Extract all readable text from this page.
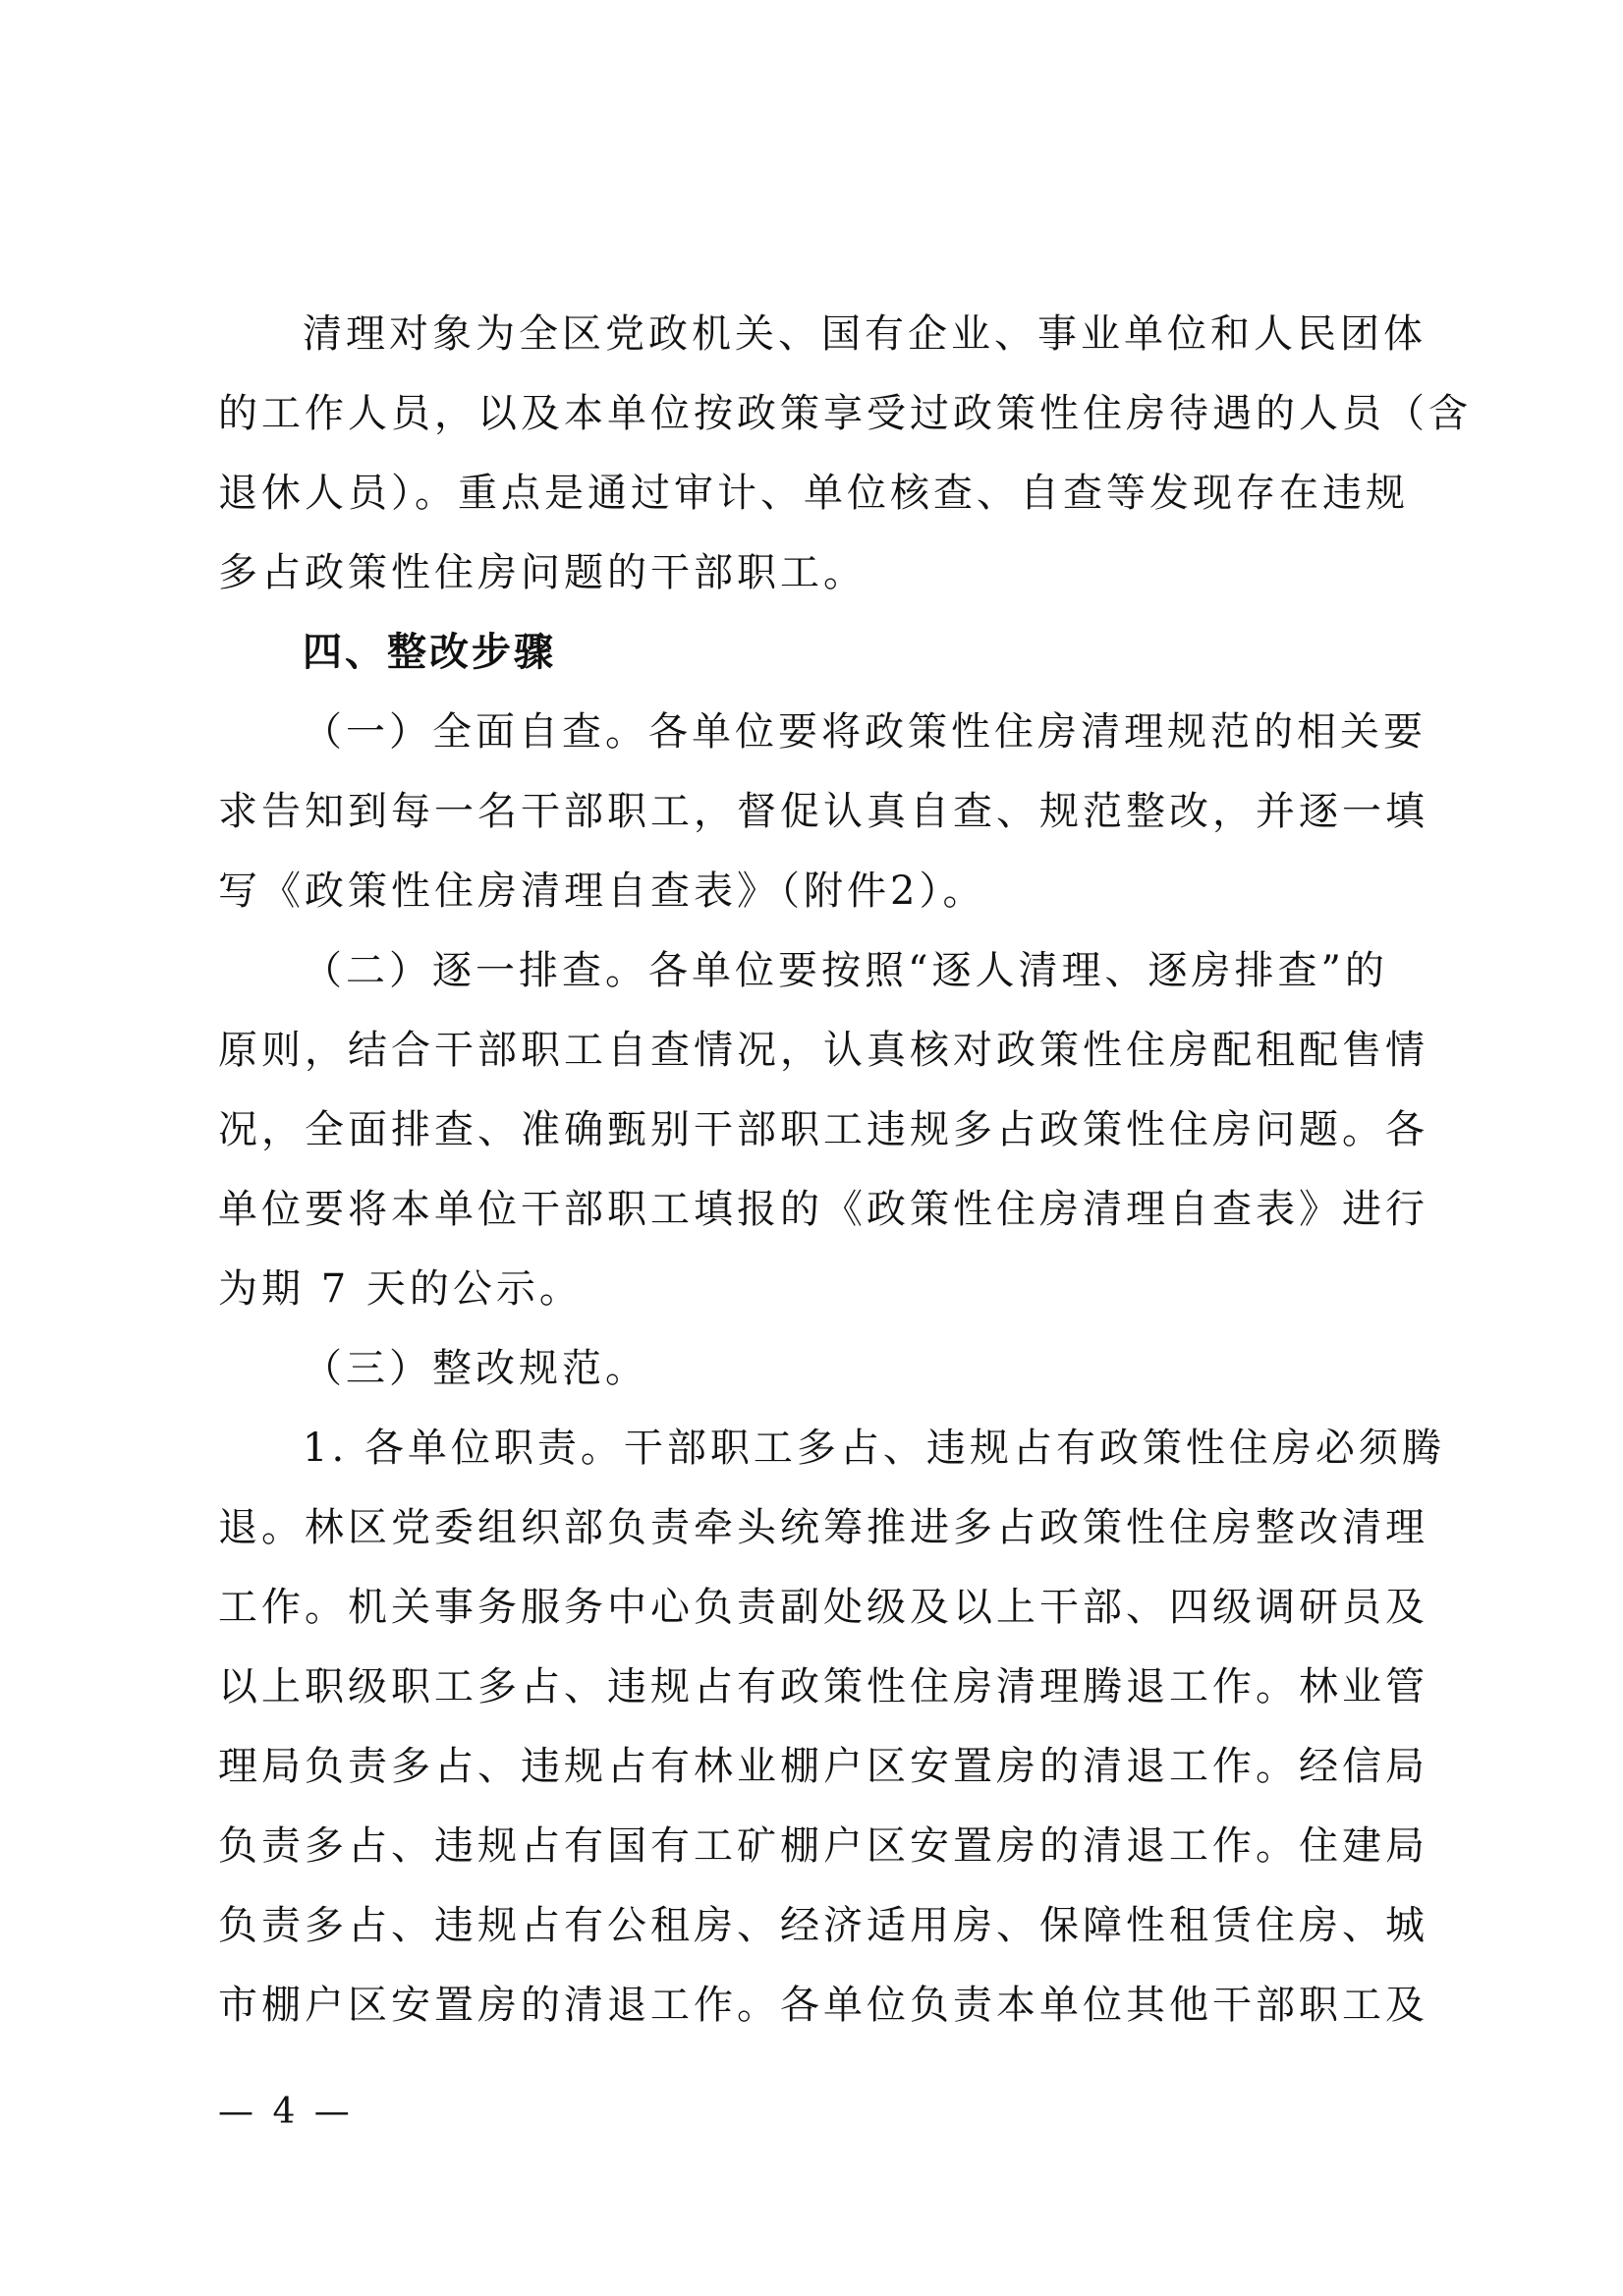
清理对象为全区党政机关、国有企业、事业单位和人民团体
的工作人员，以及本单位按政策享受过政策性住房待遇的人员（含
退休人员）。重点是通过审计、单位核查、自查等发现存在违规
多占政策性住房问题的干部职工。
四、整改步骤
（一）全面自查。各单位要将政策性住房清理规范的相关要
求告知到每一名干部职工，督促认真自查、规范整改，并逐一填
写《政策性住房清理自查表》（附件2）。
（二）逐一排查。各单位要按照“逐人清理、逐房排查”的
原则，结合干部职工自查情况，认真核对政策性住房配租配售情
况，全面排查、准确甄别干部职工违规多占政策性住房问题。各
单位要将本单位干部职工填报的《政策性住房清理自查表》进行
为期 7 天的公示。
（三）整改规范。
1. 各单位职责。干部职工多占、违规占有政策性住房必须腾
退。林区党委组织部负责牵头统筹推进多占政策性住房整改清理
工作。机关事务服务中心负责副处级及以上干部、四级调研员及
以上职级职工多占、违规占有政策性住房清理腾退工作。林业管
理局负责多占、违规占有林业棚户区安置房的清退工作。经信局
负责多占、违规占有国有工矿棚户区安置房的清退工作。住建局
负责多占、违规占有公租房、经济适用房、保障性租赁住房、城
市棚户区安置房的清退工作。各单位负责本单位其他干部职工及
— 4 —
